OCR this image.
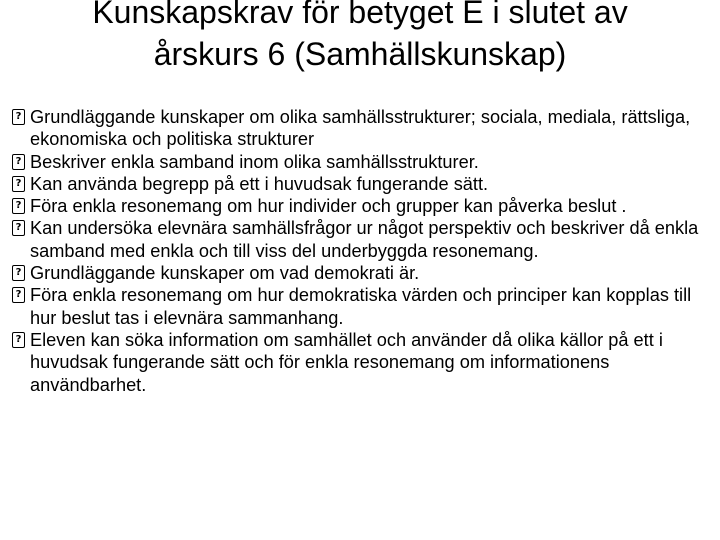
Kunskapskrav för betyget E i slutet av
årskurs 6 (Samhällskunskap)
?
Grundläggande kunskaper om olika samhällsstrukturer; sociala, mediala, rättsliga, ekonomiska och politiska strukturer
?
Beskriver enkla samband inom olika samhällsstrukturer.
?
Kan använda begrepp på ett i huvudsak fungerande sätt.
?
Föra enkla resonemang om hur individer och grupper kan påverka beslut .
?
Kan undersöka elevnära samhällsfrågor ur något perspektiv och beskriver då enkla samband med enkla och till viss del underbyggda resonemang.
?
Grundläggande kunskaper om vad demokrati är.
?
Föra enkla resonemang om hur demokratiska värden och principer kan kopplas till hur beslut tas i elevnära sammanhang.
?
Eleven kan söka information om samhället och använder då olika källor på ett i huvudsak fungerande sätt och för enkla resonemang om informationens användbarhet.
